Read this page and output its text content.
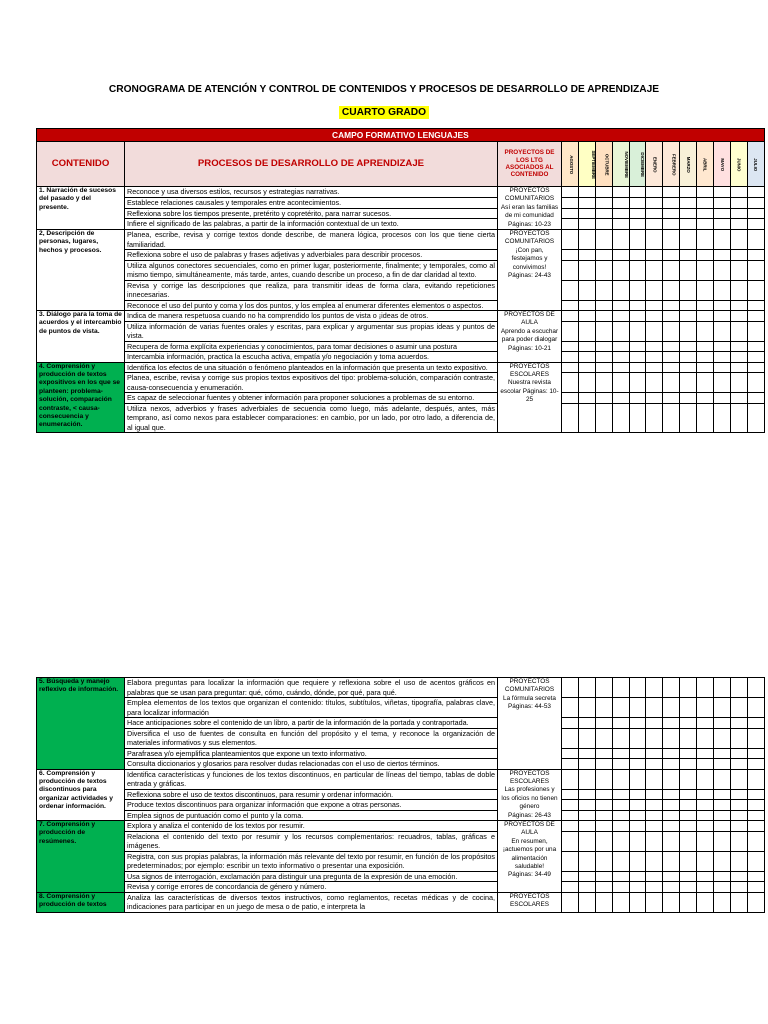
CRONOGRAMA DE ATENCIÓN Y CONTROL DE CONTENIDOS Y PROCESOS DE DESARROLLO DE APRENDIZAJE
CUARTO GRADO
CAMPO FORMATIVO LENGUAJES														
CONTENIDO	PROCESOS DE DESARROLLO DE APRENDIZAJE	PROYECTOS DE LOS LTG ASOCIADOS AL CONTENIDO	AGOSTO	SEPTIEMBRE	OCTUBRE	NOVIEMBRE	DICIEMBRE	ENERO	FEBRERO	MARZO	ABRIL	MAYO	JUNIO	JULIO
1. Narración de sucesos del pasado y del presente.	Reconoce y usa diversos estilos, recursos y estrategias narrativas.	PROYECTOS COMUNITARIOS
Así eran las familias de mi comunidad
Páginas: 10-23												

	Establece relaciones causales y temporales entre acontecimientos.													
	Reflexiona sobre los tiempos presente, pretérito y copretérito, para narrar sucesos.													
	Infiere el significado de las palabras, a partir de la información contextual de un texto.													
2, Descripción de personas, lugares, hechos y procesos.	Planea, escribe, revisa y corrige textos donde describe, de manera lógica, procesos con los que tiene cierta familiaridad.	PROYECTOS COMUNITARIOS
¡Con pan, festejamos y convivimos!
Páginas: 24-43												

	Reflexiona sobre el uso de palabras y frases adjetivas y adverbiales para describir procesos.													
	Utiliza algunos conectores secuenciales, como en primer lugar, posteriormente, finalmente; y temporales, como al mismo tiempo, simultáneamente, más tarde, antes, cuando describe un proceso, a fin de dar claridad al texto.													
	Revisa y corrige las descripciones que realiza, para transmitir ideas de forma clara, evitando repeticiones innecesarias.													
	Reconoce el uso del punto y coma y los dos puntos, y los emplea al enumerar diferentes elementos o aspectos.													
3. Diálogo para la toma de acuerdos y el intercambio de puntos de vista.	Indica de manera respetuosa cuando no ha comprendido los puntos de vista o ¡ideas de otros.	PROYECTOS DE AULA
Aprendo a escuchar para poder dialogar
Páginas: 10-21												

	Utiliza información de varias fuentes orales y escritas, para explicar y argumentar sus propias ideas y puntos de vista.													
	Recupera de forma explícita experiencias y conocimientos, para tomar decisiones o asumir una postura													
	Intercambia información, practica la escucha activa, empatía y/o negociación y toma acuerdos.													
4. Comprensión y producción de textos expositivos en los que se planteen: problema-solución, comparación contraste, < causa-consecuencia y enumeración.	Identifica los efectos de una situación o fenómeno planteados en la información que presenta un texto expositivo.	PROYECTOS ESCOLARES
Nuestra revista escolar Páginas: 10-25												

	Planea, escribe, revisa y corrige sus propios textos expositivos del tipo: problema-solución, comparación contraste, causa-consecuencia y enumeración.													
	Es capaz de seleccionar fuentes y obtener información para proponer soluciones a problemas de su entorno.													
	Utiliza nexos, adverbios y frases adverbiales de secuencia como luego, más adelante, después, antes, más temprano, así como nexos para establecer comparaciones: en cambio, por un lado, por otro lado, a diferencia de, al igual que.													
5. Búsqueda y manejo reflexivo de información.	Elabora preguntas para localizar la información que requiere y reflexiona sobre el uso de acentos gráficos en palabras que se usan para preguntar: qué, cómo, cuándo, dónde, por qué, para qué.	PROYECTOS COMUNITARIOS
La fórmula secreta Páginas: 44-53												

	Emplea elementos de los textos que organizan el contenido: títulos, subtítulos, viñetas, tipografía, palabras clave, para localizar información													
	Hace anticipaciones sobre el contenido de un libro, a partir de la información de la portada y contraportada.													
	Diversifica el uso de fuentes de consulta en función del propósito y el tema, y reconoce la organización de materiales informativos y sus elementos.													
	Parafrasea y/o ejemplifica planteamientos que expone un texto informativo.													
	Consulta diccionarios y glosarios para resolver dudas relacionadas con el uso de ciertos términos.													
6. Comprensión y producción de textos discontinuos para organizar actividades y ordenar información.	Identifica características y funciones de los textos discontinuos, en particular de líneas del tiempo, tablas de doble entrada y gráficas.	PROYECTOS ESCOLARES
Las profesiones y los oficios no tienen género
Páginas: 26-43												

	Reflexiona sobre el uso de textos discontinuos, para resumir y ordenar información.													
	Produce textos discontinuos para organizar información que expone a otras personas.													
	Emplea signos de puntuación como el punto y la coma.													
7. Comprensión y producción de resúmenes.	Explora y analiza el contenido de los textos por resumir.	PROYECTOS DE AULA
En resumen, ¡actuemos por una alimentación saludable!
Páginas: 34-49												

	Relaciona el contenido del texto por resumir y los recursos complementarios: recuadros, tablas, gráficas e imágenes.													
	Registra, con sus propias palabras, la información más relevante del texto por resumir, en función de los propósitos predeterminados; por ejemplo: escribir un texto informativo o presentar una exposición.													
	Usa signos de interrogación, exclamación para distinguir una pregunta de la expresión de una emoción.													
	Revisa y corrige errores de concordancia de género y número.													
8. Comprensión y producción de textos	Analiza las características de diversos textos instructivos, como reglamentos, recetas médicas y de cocina, indicaciones para participar en un juego de mesa o de patio, e interpreta la	PROYECTOS ESCOLARES												
